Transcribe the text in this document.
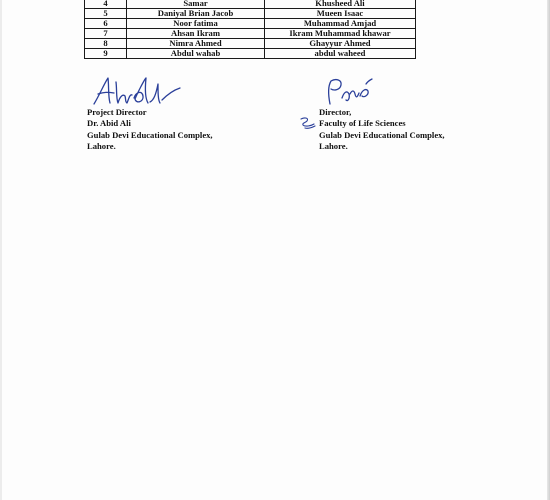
4	Samar	Khusheed Ali
5	Daniyal Brian Jacob	Mueen Isaac
6	Noor fatima	Muhammad Amjad
7	Ahsan Ikram	Ikram Muhammad khawar
8	Nimra Ahmed	Ghayyur Ahmed
9	Abdul wahab	abdul waheed
Project Director
Dr. Abid Ali
Gulab Devi Educational Complex,
Lahore.
Director,
Faculty of Life Sciences
Gulab Devi Educational Complex,
Lahore.
